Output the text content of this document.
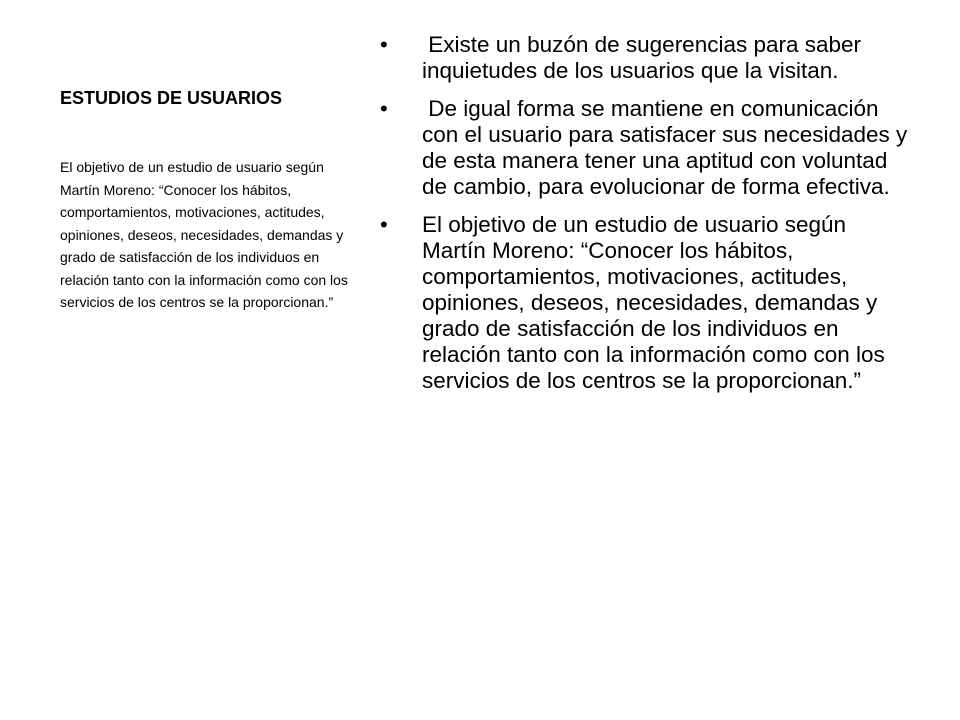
ESTUDIOS DE USUARIOS

El objetivo de un estudio de usuario según Martín Moreno: “Conocer los hábitos, comportamientos, motivaciones, actitudes, opiniones, deseos, necesidades, demandas y grado de satisfacción de los individuos en relación tanto con la información como con los servicios de los centros se la proporcionan.”

•	Existe un buzón de sugerencias para saber inquietudes de los usuarios que la visitan.
•	De igual forma se mantiene en comunicación con el usuario para satisfacer sus necesidades y de esta manera tener una aptitud con voluntad de cambio, para evolucionar de forma efectiva.
•	El objetivo de un estudio de usuario según Martín Moreno: “Conocer los hábitos, comportamientos, motivaciones, actitudes, opiniones, deseos, necesidades, demandas y grado de satisfacción de los individuos en relación tanto con la información como con los servicios de los centros se la proporcionan.”
